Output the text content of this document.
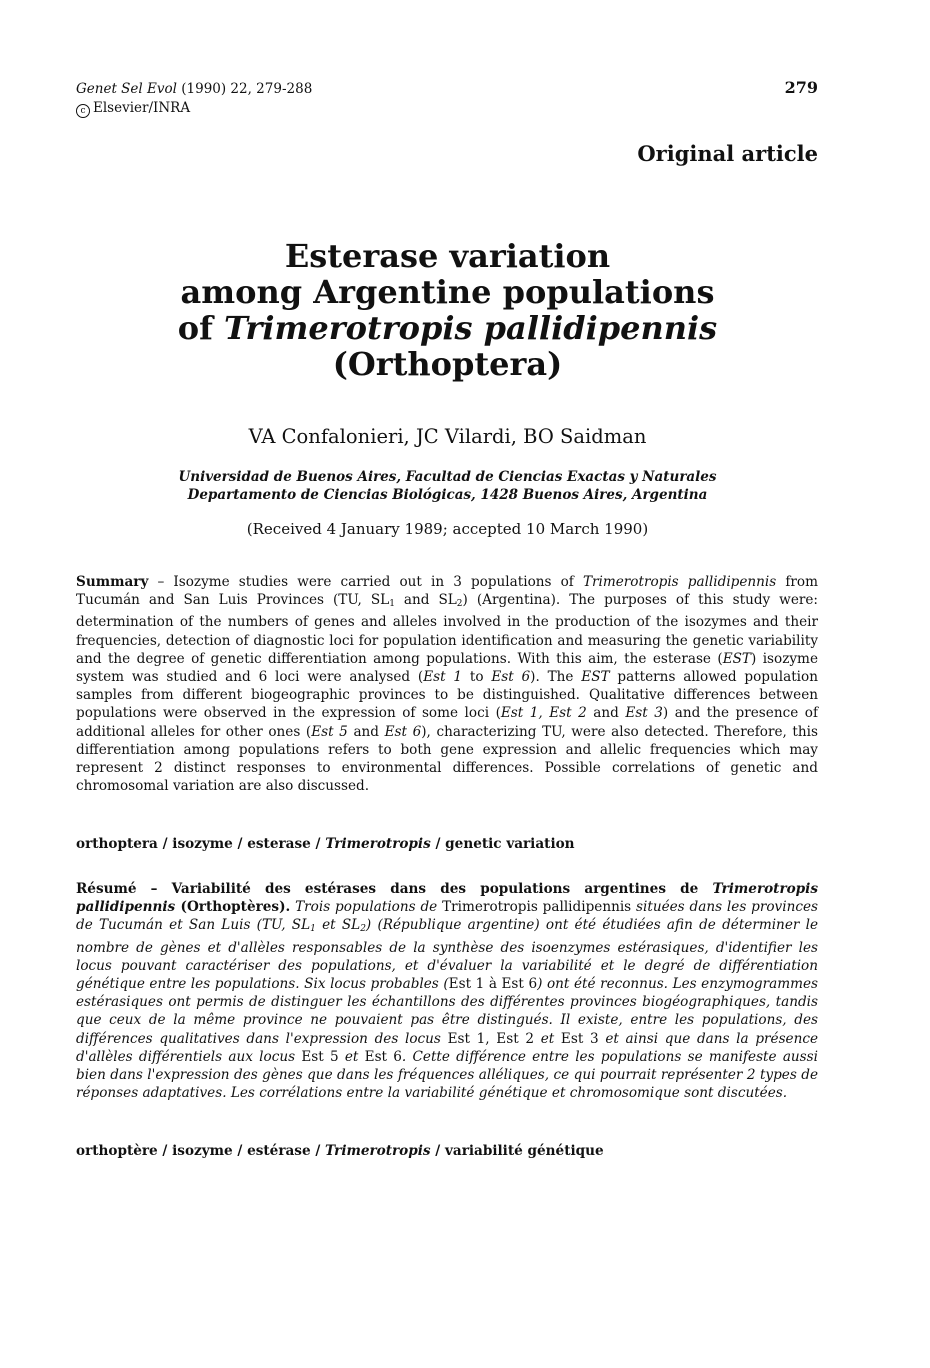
Genet Sel Evol (1990) 22, 279-288
c Elsevier/INRA
279
Original article
Esterase variation
among Argentine populations
of Trimerotropis pallidipennis
(Orthoptera)
VA Confalonieri, JC Vilardi, BO Saidman
Universidad de Buenos Aires, Facultad de Ciencias Exactas y Naturales
Departamento de Ciencias Biológicas, 1428 Buenos Aires, Argentina
(Received 4 January 1989; accepted 10 March 1990)
Summary – Isozyme studies were carried out in 3 populations of Trimerotropis pallidipennis from Tucumán and San Luis Provinces (TU, $SL_1$ and $SL_2$) (Argentina). The purposes of this study were: determination of the numbers of genes and alleles involved in the production of the isozymes and their frequencies, detection of diagnostic loci for population identification and measuring the genetic variability and the degree of genetic differentiation among populations. With this aim, the esterase (EST) isozyme system was studied and 6 loci were analysed (Est 1 to Est 6). The EST patterns allowed population samples from different biogeographic provinces to be distinguished. Qualitative differences between populations were observed in the expression of some loci (Est 1, Est 2 and Est 3) and the presence of additional alleles for other ones (Est 5 and Est 6), characterizing TU, were also detected. Therefore, this differentiation among populations refers to both gene expression and allelic frequencies which may represent 2 distinct responses to environmental differences. Possible correlations of genetic and chromosomal variation are also discussed.
orthoptera / isozyme / esterase / Trimerotropis / genetic variation
Résumé – Variabilité des estérases dans des populations argentines de Trimerotropis pallidipennis (Orthoptères). Trois populations de Trimerotropis pallidipennis situées dans les provinces de Tucumán et San Luis (TU, $SL_1$ et $SL_2$) (République argentine) ont été étudiées afin de déterminer le nombre de gènes et d'allèles responsables de la synthèse des isoenzymes estérasiques, d'identifier les locus pouvant caractériser des populations, et d'évaluer la variabilité et le degré de différentiation génétique entre les populations. Six locus probables (Est 1 à Est 6) ont été reconnus. Les enzymogrammes estérasiques ont permis de distinguer les échantillons des différentes provinces biogéographiques, tandis que ceux de la même province ne pouvaient pas être distingués. Il existe, entre les populations, des différences qualitatives dans l'expression des locus Est 1, Est 2 et Est 3 et ainsi que dans la présence d'allèles différentiels aux locus Est 5 et Est 6. Cette différence entre les populations se manifeste aussi bien dans l'expression des gènes que dans les fréquences alléliques, ce qui pourrait représenter 2 types de réponses adaptatives. Les corrélations entre la variabilité génétique et chromosomique sont discutées.
orthoptère / isozyme / estérase / Trimerotropis / variabilité génétique
